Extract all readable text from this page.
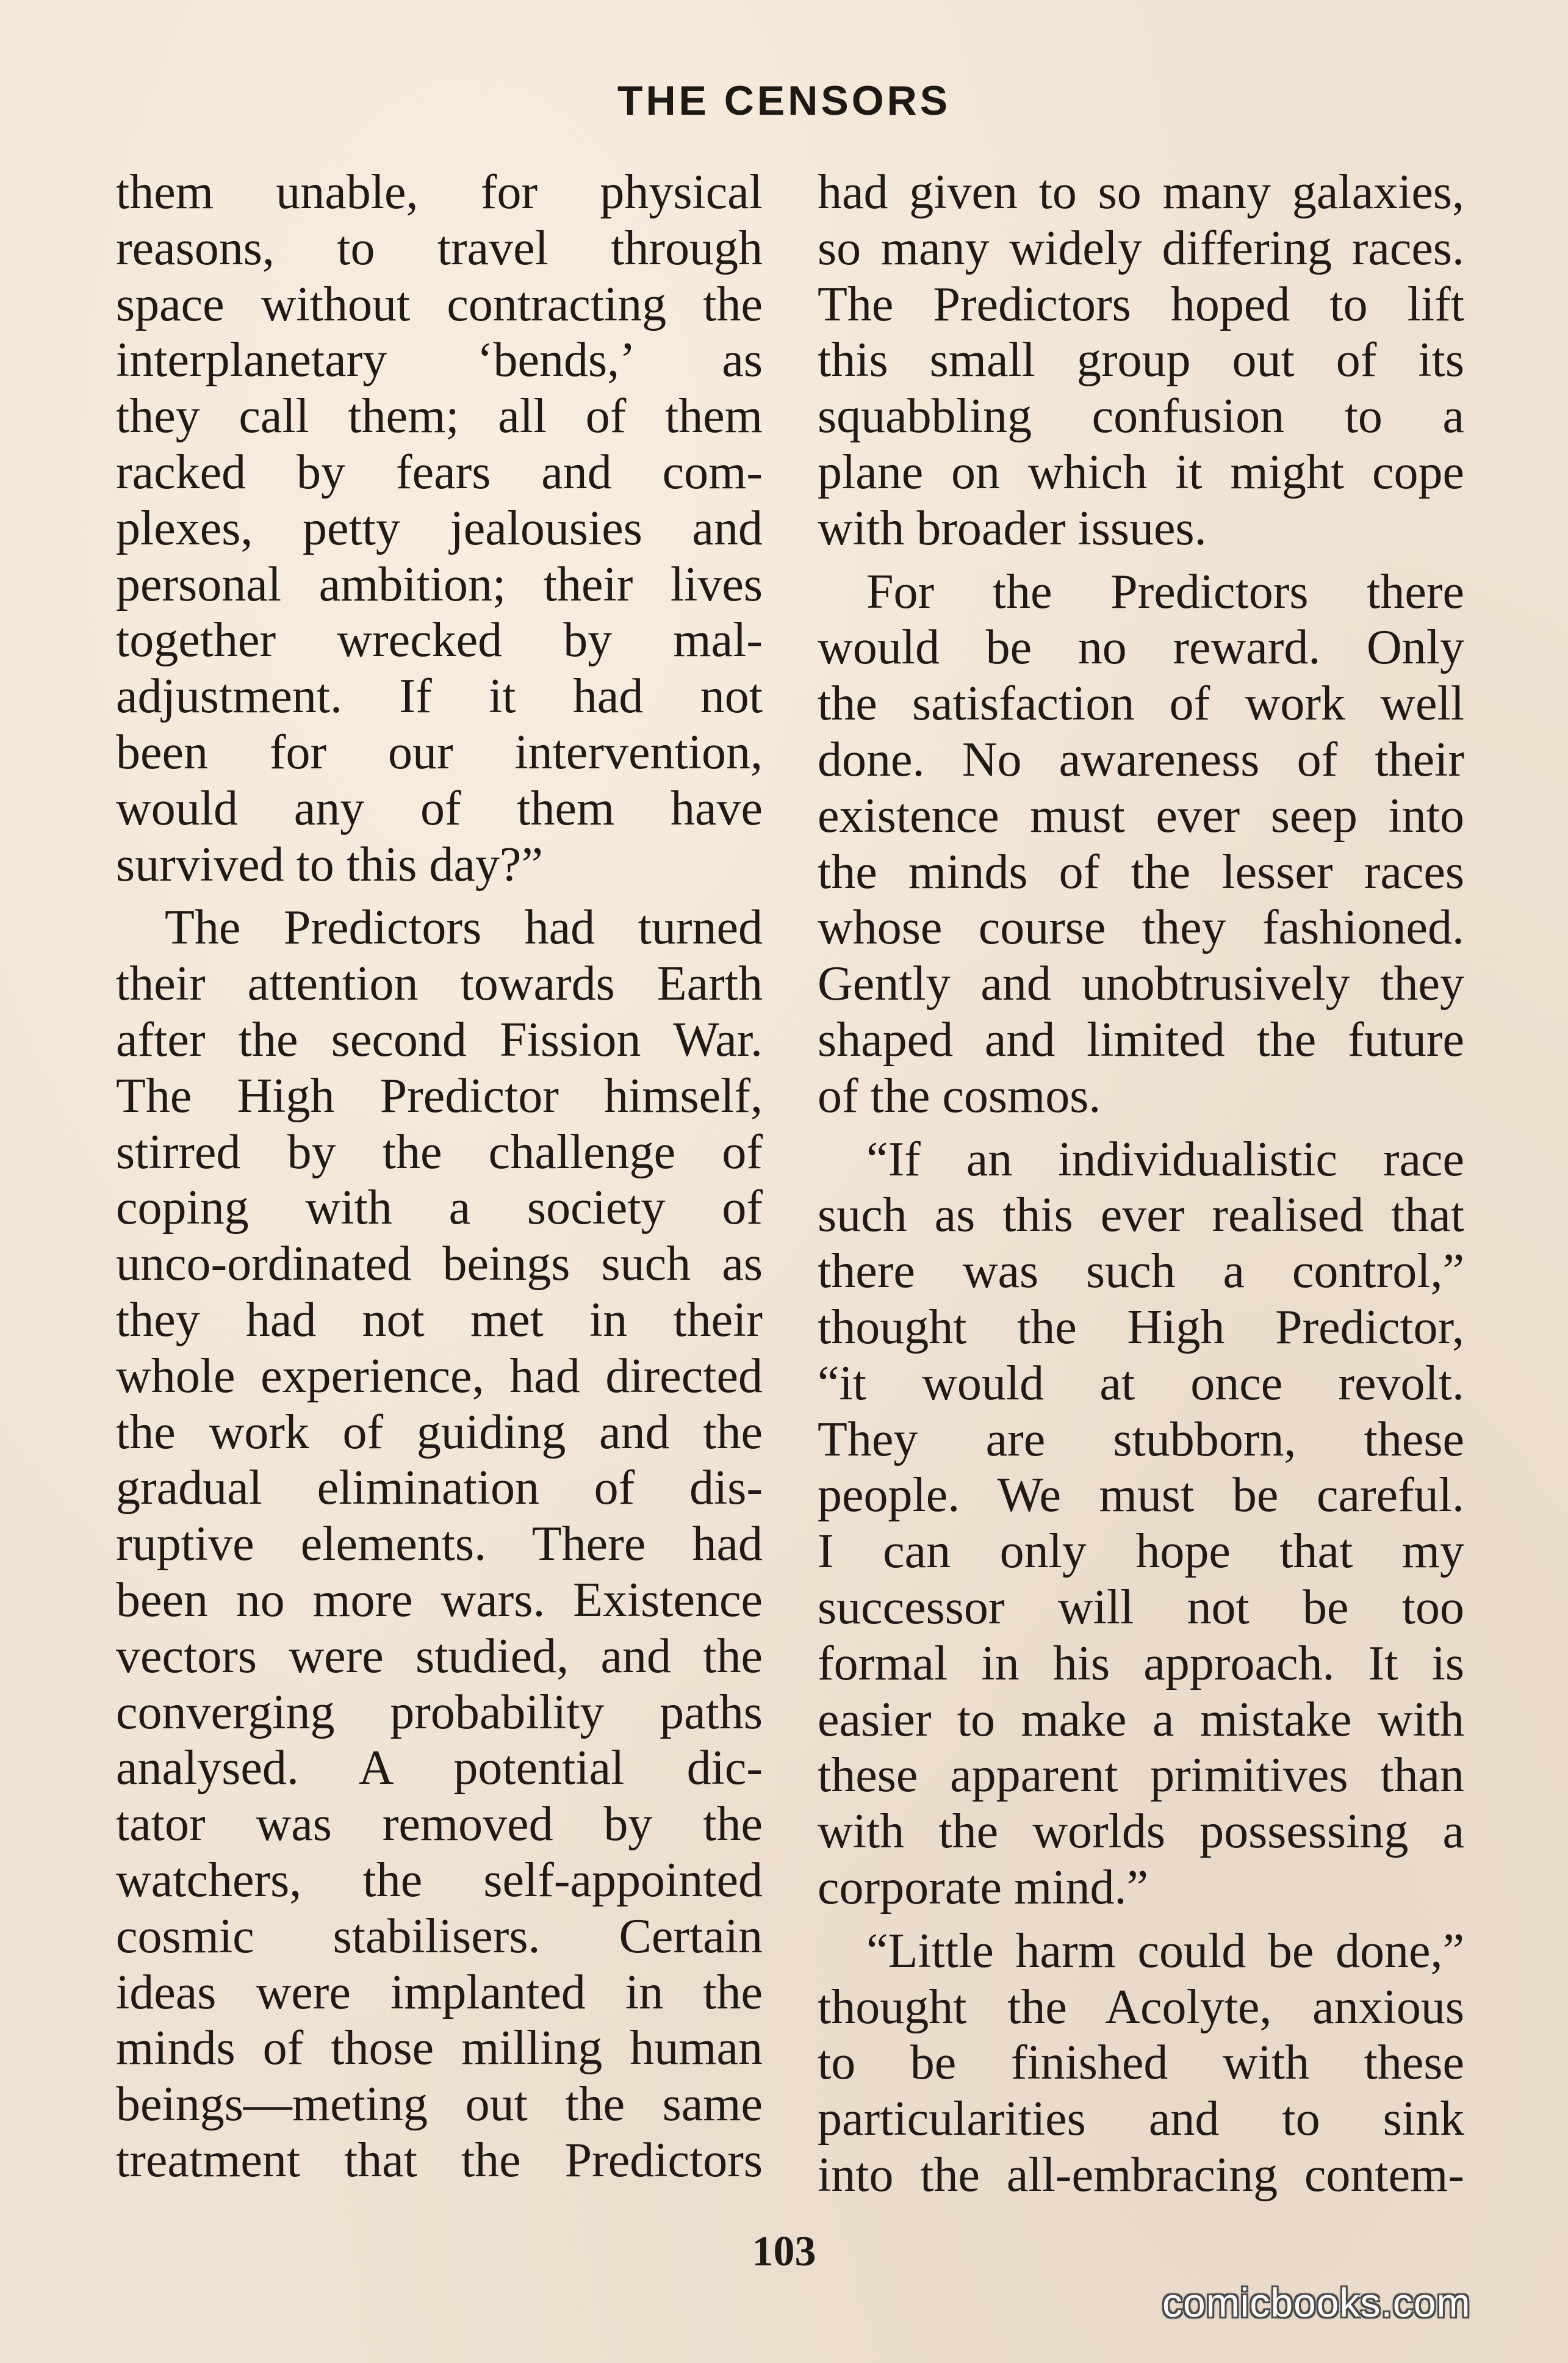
THE CENSORS
them unable, for physical
reasons, to travel through
space without contracting the
interplanetary ‘bends,’ as
they call them; all of them
racked by fears and com-
plexes, petty jealousies and
personal ambition; their lives
together wrecked by mal-
adjustment. If it had not
been for our intervention,
would any of them have
survived to this day?”
The Predictors had turned
their attention towards Earth
after the second Fission War.
The High Predictor himself,
stirred by the challenge of
coping with a society of
unco-ordinated beings such as
they had not met in their
whole experience, had directed
the work of guiding and the
gradual elimination of dis-
ruptive elements. There had
been no more wars. Existence
vectors were studied, and the
converging probability paths
analysed. A potential dic-
tator was removed by the
watchers, the self-appointed
cosmic stabilisers. Certain
ideas were implanted in the
minds of those milling human
beings—meting out the same
treatment that the Predictors
had given to so many galaxies,
so many widely differing races.
The Predictors hoped to lift
this small group out of its
squabbling confusion to a
plane on which it might cope
with broader issues.
For the Predictors there
would be no reward. Only
the satisfaction of work well
done. No awareness of their
existence must ever seep into
the minds of the lesser races
whose course they fashioned.
Gently and unobtrusively they
shaped and limited the future
of the cosmos.
“If an individualistic race
such as this ever realised that
there was such a control,”
thought the High Predictor,
“it would at once revolt.
They are stubborn, these
people. We must be careful.
I can only hope that my
successor will not be too
formal in his approach. It is
easier to make a mistake with
these apparent primitives than
with the worlds possessing a
corporate mind.”
“Little harm could be done,”
thought the Acolyte, anxious
to be finished with these
particularities and to sink
into the all-embracing contem-
103
comicbooks.com
